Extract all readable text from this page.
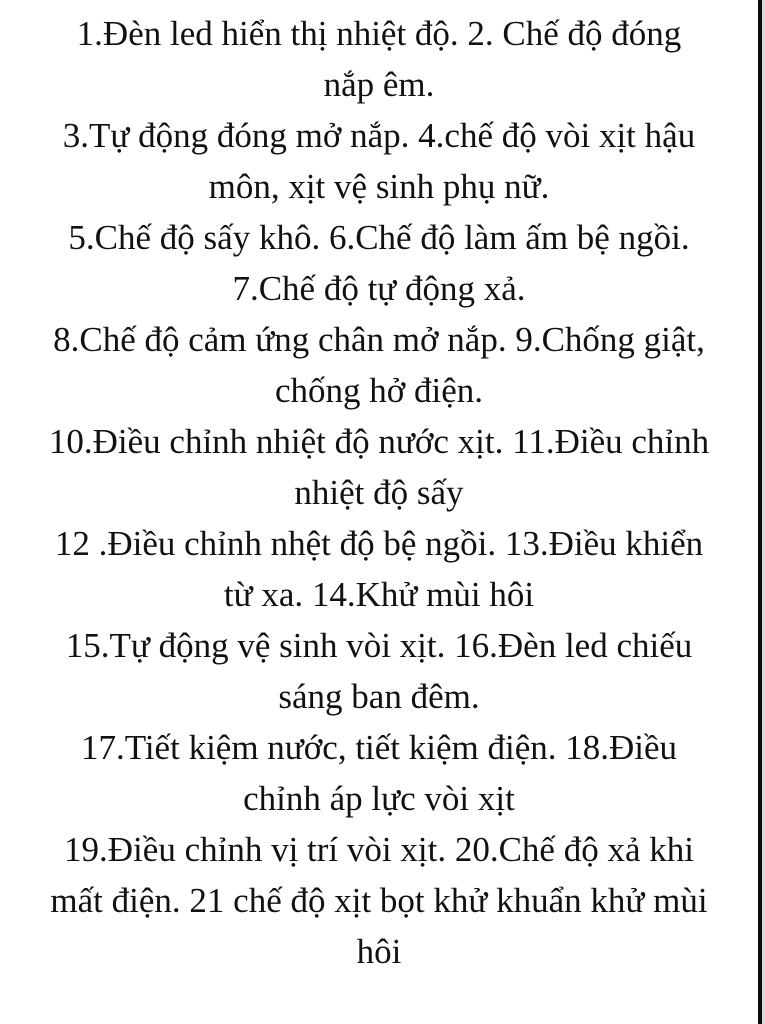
1.Đèn led hiển thị nhiệt độ. 2. Chế độ đóng
nắp êm.
3.Tự động đóng mở nắp. 4.chế độ vòi xịt hậu
môn, xịt vệ sinh phụ nữ.
5.Chế độ sấy khô. 6.Chế độ làm ấm bệ ngồi.
7.Chế độ tự động xả.
8.Chế độ cảm ứng chân mở nắp. 9.Chống giật,
chống hở điện.
10.Điều chỉnh nhiệt độ nước xịt. 11.Điều chỉnh
nhiệt độ sấy
12 .Điều chỉnh nhệt độ bệ ngồi. 13.Điều khiển
từ xa. 14.Khử mùi hôi
15.Tự động vệ sinh vòi xịt. 16.Đèn led chiếu
sáng ban đêm.
17.Tiết kiệm nước, tiết kiệm điện. 18.Điều
chỉnh áp lực vòi xịt
19.Điều chỉnh vị trí vòi xịt. 20.Chế độ xả khi
mất điện. 21 chế độ xịt bọt khử khuẩn khử mùi
hôi
